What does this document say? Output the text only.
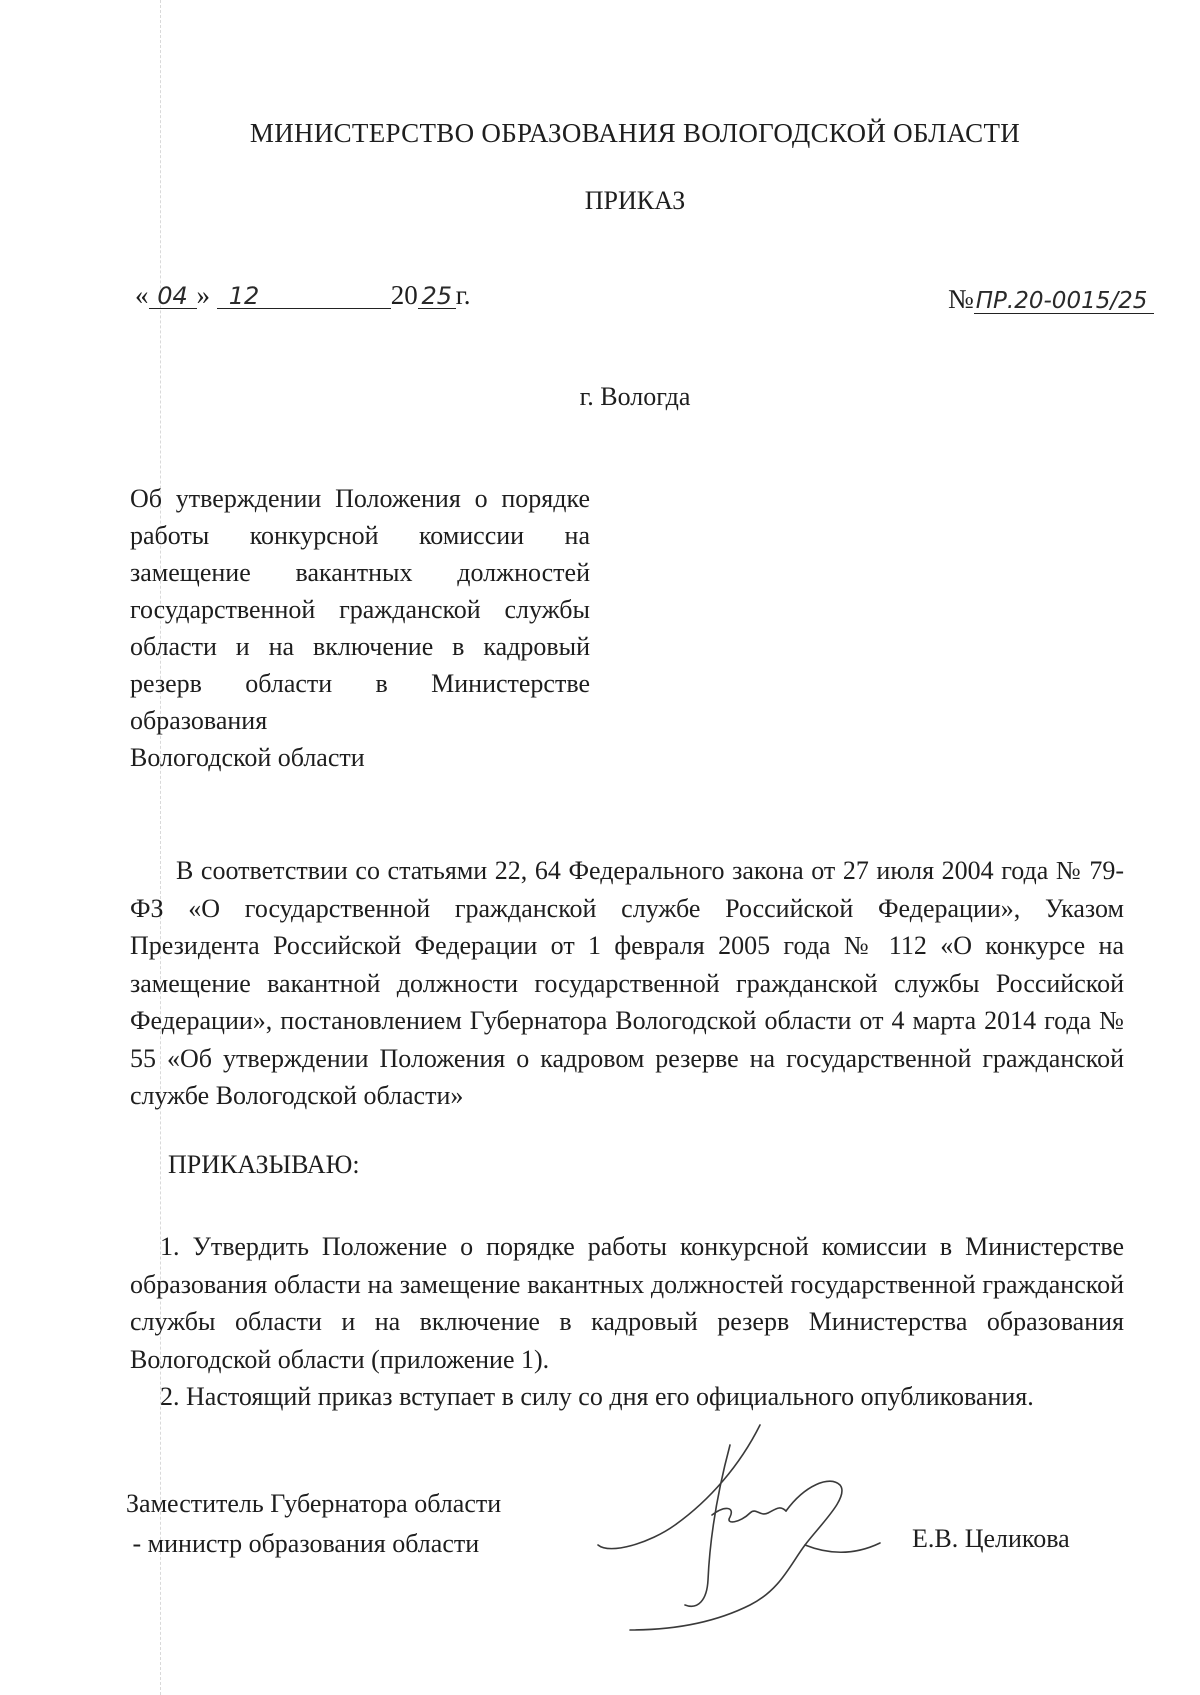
МИНИСТЕРСТВО ОБРАЗОВАНИЯ ВОЛОГОДСКОЙ ОБЛАСТИ
ПРИКАЗ
« 04 » 12	20 25 г.	№ПР.20-0015/25
г. Вологда
Об утверждении Положения о порядке работы конкурсной комиссии на замещение вакантных должностей государственной гражданской службы области и на включение в кадровый резерв области в Министерстве образования
Вологодской области
В соответствии со статьями 22, 64 Федерального закона от 27 июля 2004 года № 79-ФЗ «О государственной гражданской службе Российской Федерации», Указом Президента Российской Федерации от 1 февраля 2005 года № 112 «О конкурсе на замещение вакантной должности государственной гражданской службы Российской Федерации», постановлением Губернатора Вологодской области от 4 марта 2014 года № 55 «Об утверждении Положения о кадровом резерве на государственной гражданской службе Вологодской области»
ПРИКАЗЫВАЮ:
1. Утвердить Положение о порядке работы конкурсной комиссии в Министерстве образования области на замещение вакантных должностей государственной гражданской службы области и на включение в кадровый резерв Министерства образования Вологодской области (приложение 1).
2. Настоящий приказ вступает в силу со дня его официального опубликования.
Заместитель Губернатора области
- министр образования области	Е.В. Целикова
